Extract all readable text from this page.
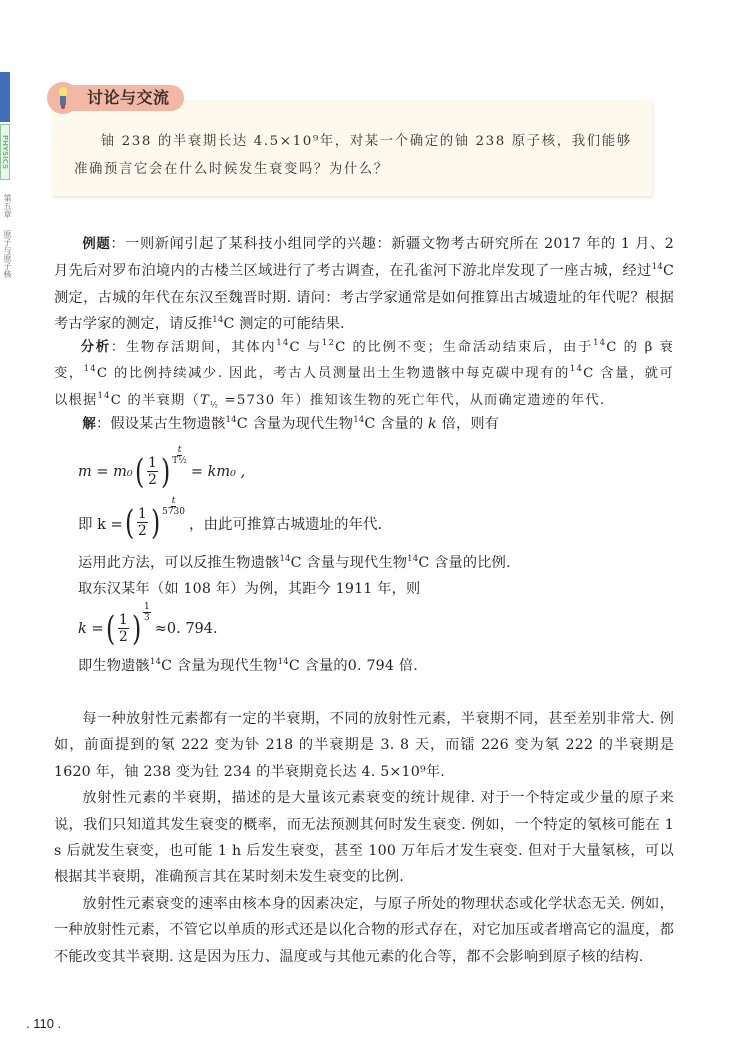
PHYSICS
第五章
原子与原子核
讨论与交流

铀 238 的半衰期长达 4.5×10⁹年，对某一个确定的铀 238 原子核，我们能够准确预言它会在什么时候发生衰变吗？为什么？

例题：一则新闻引起了某科技小组同学的兴趣：新疆文物考古研究所在 2017 年的 1 月、2 月先后对罗布泊境内的古楼兰区域进行了考古调查，在孔雀河下游北岸发现了一座古城，经过$^{14}$C 测定，古城的年代在东汉至魏晋时期. 请问：考古学家通常是如何推算出古城遗址的年代呢？根据考古学家的测定，请反推$^{14}$C 测定的可能结果.

分析：生物存活期间，其体内$^{14}$C 与$^{12}$C 的比例不变；生命活动结束后，由于$^{14}$C 的 β 衰变，$^{14}$C 的比例持续减少. 因此，考古人员测量出土生物遗骸中每克碳中现有的$^{14}$C 含量，就可以根据$^{14}$C 的半衰期（$T_{\frac{1}{2}} =5730$ 年）推知该生物的死亡年代，从而确定遗迹的年代.

解：假设某古生物遗骸$^{14}$C 含量为现代生物$^{14}$C 含量的 k 倍，则有

m = m₀ ( $\frac{1}{2}$ ) $\frac{t}{\text{T½}}$
= km₀ ,
即 k = ( $\frac{1}{2}$ )
t
5730
，由此可推算古城遗址的年代.
运用此方法，可以反推生物遗骸$^{14}$C 含量与现代生物$^{14}$C 含量的比例.
取东汉某年（如 108 年）为例，其距今 1911 年，则
k = ( $\frac{1}{2}$ ) $\frac{1}{3}$
≈0. 794.
即生物遗骸$^{14}$C 含量为现代生物$^{14}$C 含量的0. 794 倍.

每一种放射性元素都有一定的半衰期，不同的放射性元素，半衰期不同，甚至差别非常大. 例如，前面提到的氡 222 变为钋 218 的半衰期是 3. 8 天，而镭 226 变为氡 222 的半衰期是 1620 年，铀 238 变为钍 234 的半衰期竟长达 4. 5×10⁹年.

放射性元素的半衰期，描述的是大量该元素衰变的统计规律. 对于一个特定或少量的原子来说，我们只知道其发生衰变的概率，而无法预测其何时发生衰变. 例如，一个特定的氡核可能在 1 s 后就发生衰变，也可能 1 h 后发生衰变，甚至 100 万年后才发生衰变. 但对于大量氡核，可以根据其半衰期，准确预言其在某时刻未发生衰变的比例.

放射性元素衰变的速率由核本身的因素决定，与原子所处的物理状态或化学状态无关. 例如，一种放射性元素，不管它以单质的形式还是以化合物的形式存在，对它加压或者增高它的温度，都不能改变其半衰期. 这是因为压力、温度或与其他元素的化合等，都不会影响到原子核的结构.

. 110 .
